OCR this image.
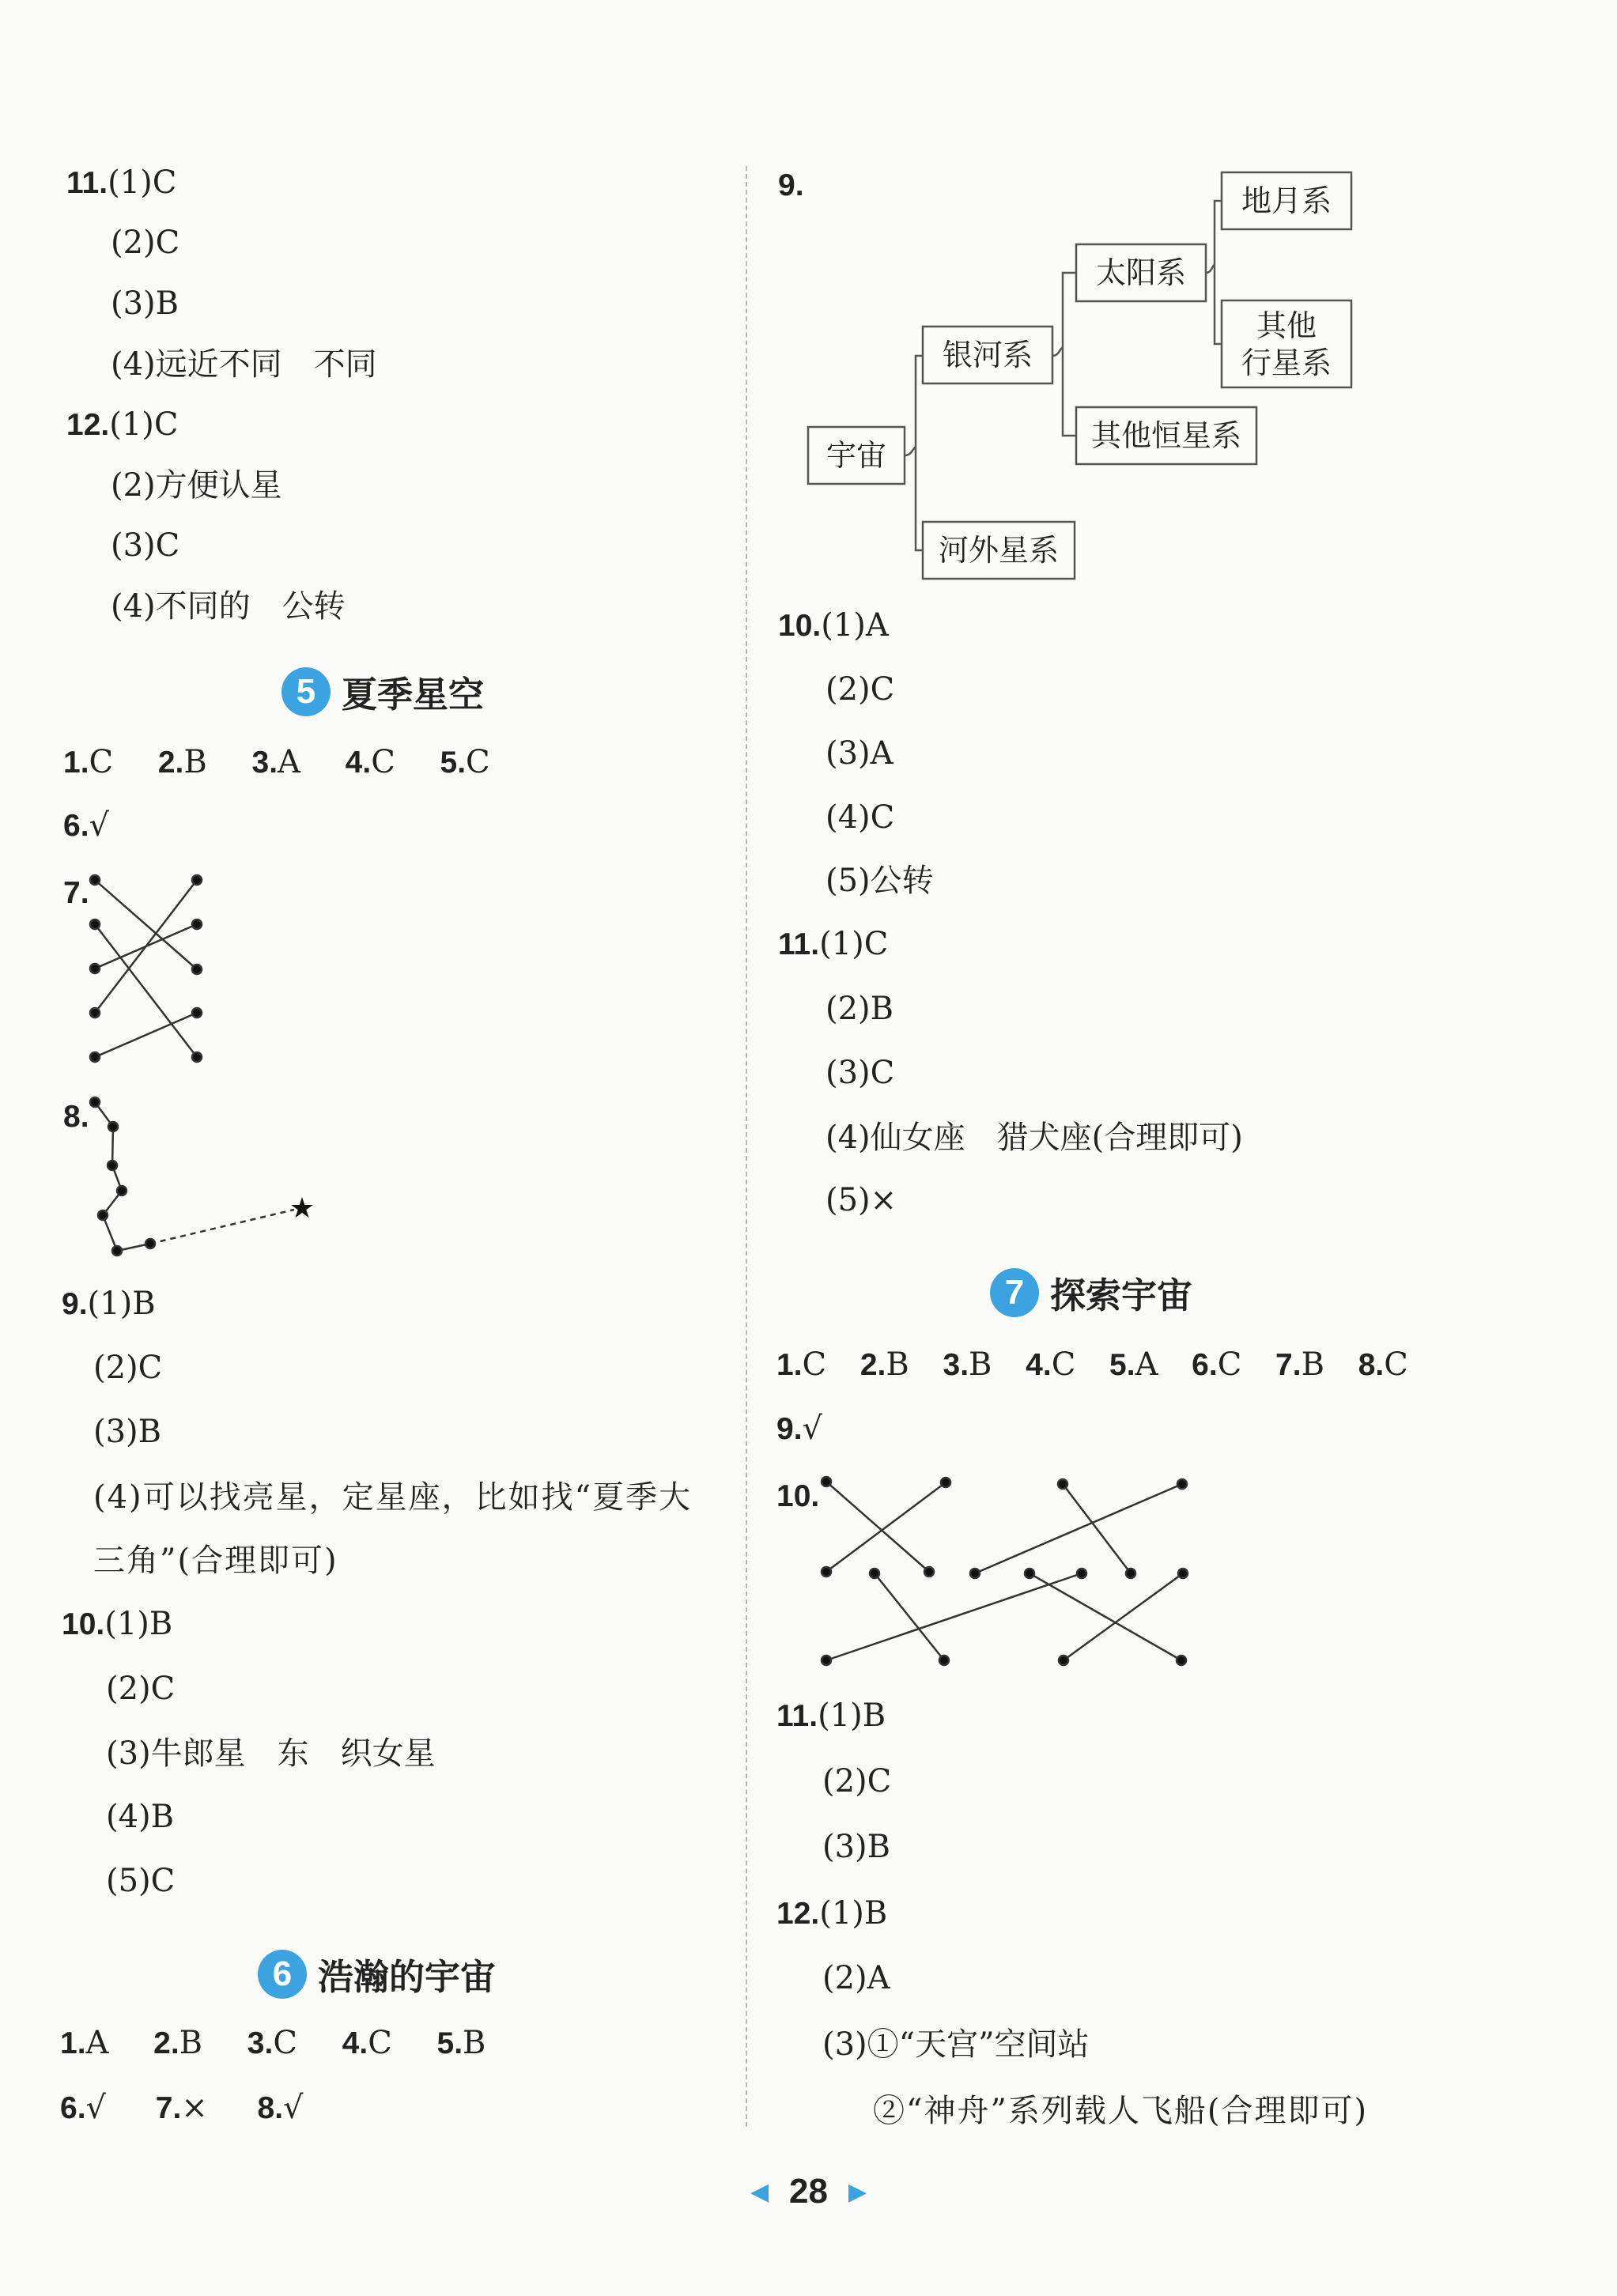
11.(1)C
(2)C
(3)B
(4)远近不同　不同
12.(1)C
(2)方便认星
(3)C
(4)不同的　公转
5 夏季星空
1.C 2.B 3.A 4.C 5.C
6.√
7.
8.
9.(1)B
(2)C
(3)B
(4)可以找亮星，定星座，比如找“夏季大
三角”(合理即可)
10.(1)B
(2)C
(3)牛郎星　东　织女星
(4)B
(5)C
6 浩瀚的宇宙
1.A 2.B 3.C 4.C 5.B
6.√ 7.× 8.√
9.
10.(1)A
(2)C
(3)A
(4)C
(5)公转
11.(1)C
(2)B
(3)C
(4)仙女座　猎犬座(合理即可)
(5)×
7 探索宇宙
1.C 2.B 3.B 4.C 5.A 6.C 7.B 8.C
9.√
10.
11.(1)B
(2)C
(3)B
12.(1)B
(2)A
(3)①“天宫”空间站
②“神舟”系列载人飞船(合理即可)
★
宇宙
银河系
河外星系
太阳系
其他恒星系
地月系
其他
行星系
◀ 28 ▶
